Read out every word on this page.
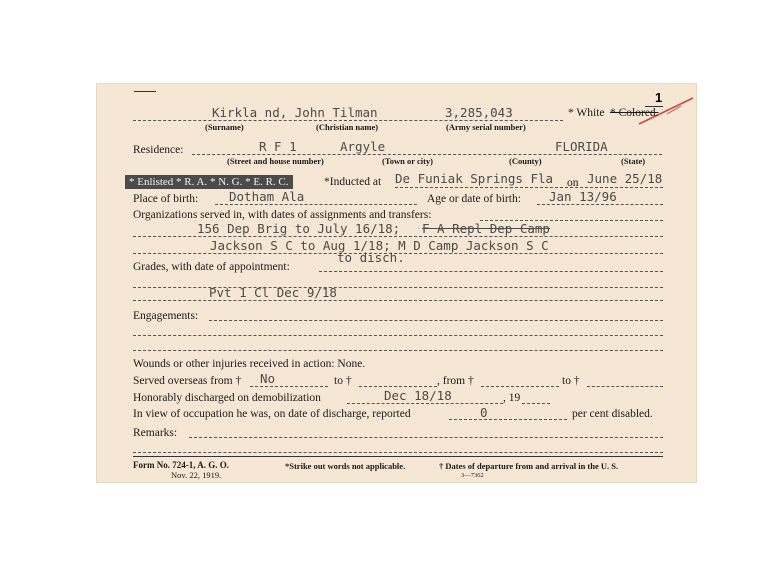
1
Kirkla nd, John Tilman	3,285,043	* White * Colored.
(Surname)	(Christian name)	(Army serial number)
Residence:	R F 1	Argyle	FLORIDA
(Street and house number)	(Town or city)	(County)	(State)
* Enlisted * R. A. * N. G. * E. R. C.	*Inducted at De Funiak Springs Fla on June 25/18
Place of birth: Dotham Ala	Age or date of birth: Jan 13/96
Organizations served in, with dates of assignments and transfers:
156 Dep Brig to July 16/18; F A Repl Dep Camp
Jackson S C to Aug 1/18; M D Camp Jackson S C
to disch.
Grades, with date of appointment:
Pvt 1 Cl Dec 9/18
Engagements:
Wounds or other injuries received in action: None.
Served overseas from † No	to †	, from †	to †
Honorably discharged on demobilization	Dec 18/18	, 19
In view of occupation he was, on date of discharge, reported	0	per cent disabled.
Remarks:
Form No. 724-1, A. G. O.
Nov. 22, 1919.
*Strike out words not applicable.	† Dates of departure from and arrival in the U. S.
3—7362
